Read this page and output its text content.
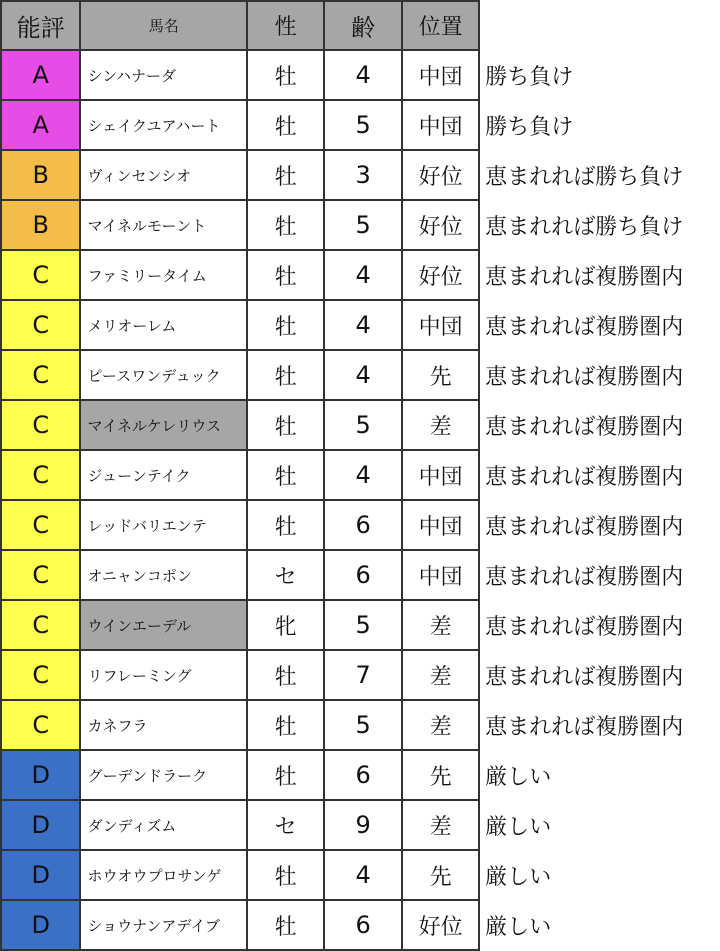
能評	馬名	性	齢	位置	
A	シンハナーダ	牡	4	中団	勝ち負け
A	シェイクユアハート	牡	5	中団	勝ち負け
B	ヴィンセンシオ	牡	3	好位	恵まれれば勝ち負け
B	マイネルモーント	牡	5	好位	恵まれれば勝ち負け
C	ファミリータイム	牡	4	好位	恵まれれば複勝圏内
C	メリオーレム	牡	4	中団	恵まれれば複勝圏内
C	ピースワンデュック	牡	4	先	恵まれれば複勝圏内
C	マイネルケレリウス	牡	5	差	恵まれれば複勝圏内
C	ジューンテイク	牡	4	中団	恵まれれば複勝圏内
C	レッドバリエンテ	牡	6	中団	恵まれれば複勝圏内
C	オニャンコポン	セ	6	中団	恵まれれば複勝圏内
C	ウインエーデル	牝	5	差	恵まれれば複勝圏内
C	リフレーミング	牡	7	差	恵まれれば複勝圏内
C	カネフラ	牡	5	差	恵まれれば複勝圏内
D	グーデンドラーク	牡	6	先	厳しい
D	ダンディズム	セ	9	差	厳しい
D	ホウオウプロサンゲ	牡	4	先	厳しい
D	ショウナンアデイブ	牡	6	好位	厳しい
